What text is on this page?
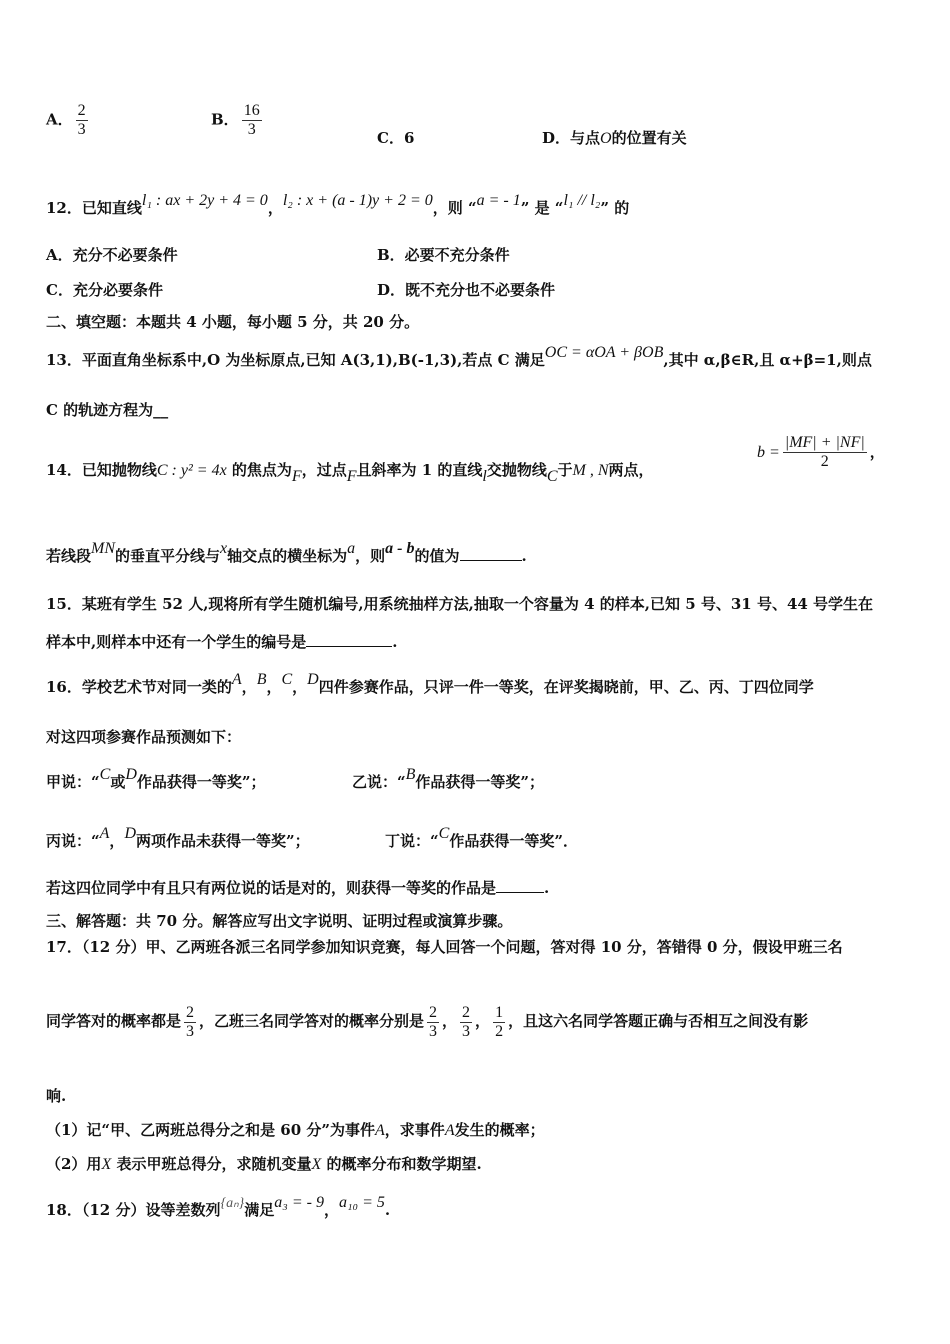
A． $\frac{2}{3}$	B． $\frac{16}{3}$	C．6	D．与点O的位置有关
12．已知直线l₁ : ax + 2y + 4 = 0，l₂ : x + (a - 1)y + 2 = 0，则 “a = - 1” 是 “l₁ // l₂” 的
A．充分不必要条件	B．必要不充分条件
C．充分必要条件	D．既不充分也不必要条件
二、填空题：本题共 4 小题，每小题 5 分，共 20 分。
13．平面直角坐标系中,O 为坐标原点,已知 A(3,1),B(-1,3),若点 C 满足OC = αOA + βOB,其中 α,β∈R,且 α+β=1,则点
C 的轨迹方程为__
14．已知抛物线C : y² = 4x 的焦点为F，过点F且斜率为 1 的直线l交抛物线C于M , N两点，
$b = \frac{|MF| + |NF|}{2}$ ，
若线段MN的垂直平分线与x轴交点的横坐标为a，则a - b的值为	.
15．某班有学生 52 人,现将所有学生随机编号,用系统抽样方法,抽取一个容量为 4 的样本,已知 5 号、31 号、44 号学生在
样本中,则样本中还有一个学生的编号是	.
16．学校艺术节对同一类的A，B，C，D四件参赛作品，只评一件一等奖，在评奖揭晓前，甲、乙、丙、丁四位同学
对这四项参赛作品预测如下：
甲说：“C或D作品获得一等奖”；	乙说：“B作品获得一等奖”；
丙说：“A，D两项作品未获得一等奖”；	丁说：“C作品获得一等奖”．
若这四位同学中有且只有两位说的话是对的，则获得一等奖的作品是	.
三、解答题：共 70 分。解答应写出文字说明、证明过程或演算步骤。
17．（12 分）甲、乙两班各派三名同学参加知识竞赛，每人回答一个问题，答对得 10 分，答错得 0 分，假设甲班三名
同学答对的概率都是 $\frac{2}{3}$ ，乙班三名同学答对的概率分别是 $\frac{2}{3}$ ， $\frac{2}{3}$ ， $\frac{1}{2}$ ，且这六名同学答题正确与否相互之间没有影
响.
（1）记“甲、乙两班总得分之和是 60 分”为事件A，求事件A发生的概率；
（2）用X 表示甲班总得分，求随机变量X 的概率分布和数学期望.
18．（12 分）设等差数列{aₙ}满足a₃ = - 9，a₁₀ = 5.
